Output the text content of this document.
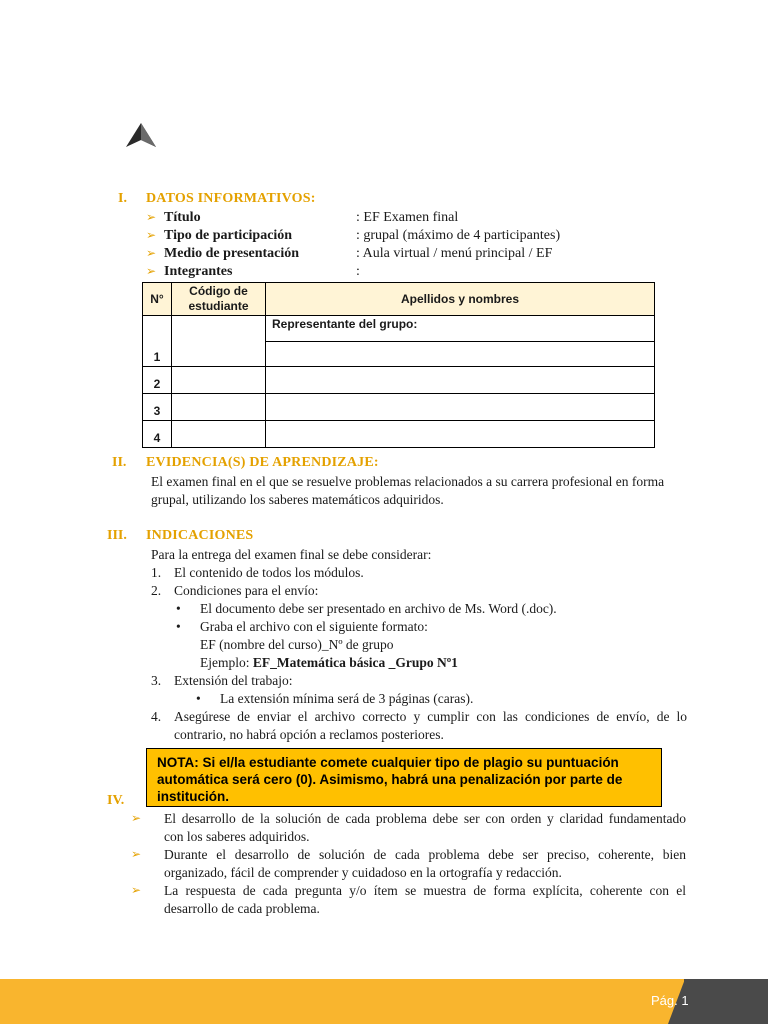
I. DATOS INFORMATIVOS:
➢ Título	: EF Examen final
➢ Tipo de participación	: grupal (máximo de 4 participantes)
➢ Medio de presentación	: Aula virtual / menú principal / EF
➢ Integrantes	:
N°	Código de estudiante	Apellidos y nombres
1		Representante del grupo:

2		
3		
4		
II. EVIDENCIA(S) DE APRENDIZAJE:
El examen final en el que se resuelve problemas relacionados a su carrera profesional en forma
grupal, utilizando los saberes matemáticos adquiridos.
III. INDICACIONES
Para la entrega del examen final se debe considerar:
1. El contenido de todos los módulos.
2. Condiciones para el envío:
• El documento debe ser presentado en archivo de Ms. Word (.doc).
• Graba el archivo con el siguiente formato:
EF (nombre del curso)_Nº de grupo
Ejemplo: EF_Matemática básica _Grupo Nº1
3. Extensión del trabajo:
• La extensión mínima será de 3 páginas (caras).
4. Asegúrese de enviar el archivo correcto y cumplir con las condiciones de envío, de lo
contrario, no habrá opción a reclamos posteriores.
NOTA: Si el/la estudiante comete cualquier tipo de plagio su puntuación automática será cero (0). Asimismo, habrá una penalización por parte de institución.
IV.
➢	El desarrollo de la solución de cada problema debe ser con orden y claridad fundamentado
con los saberes adquiridos.
➢	Durante el desarrollo de solución de cada problema debe ser preciso, coherente, bien
organizado, fácil de comprender y cuidadoso en la ortografía y redacción.
➢	La respuesta de cada pregunta y/o ítem se muestra de forma explícita, coherente con el
desarrollo de cada problema.
Pág. 1
